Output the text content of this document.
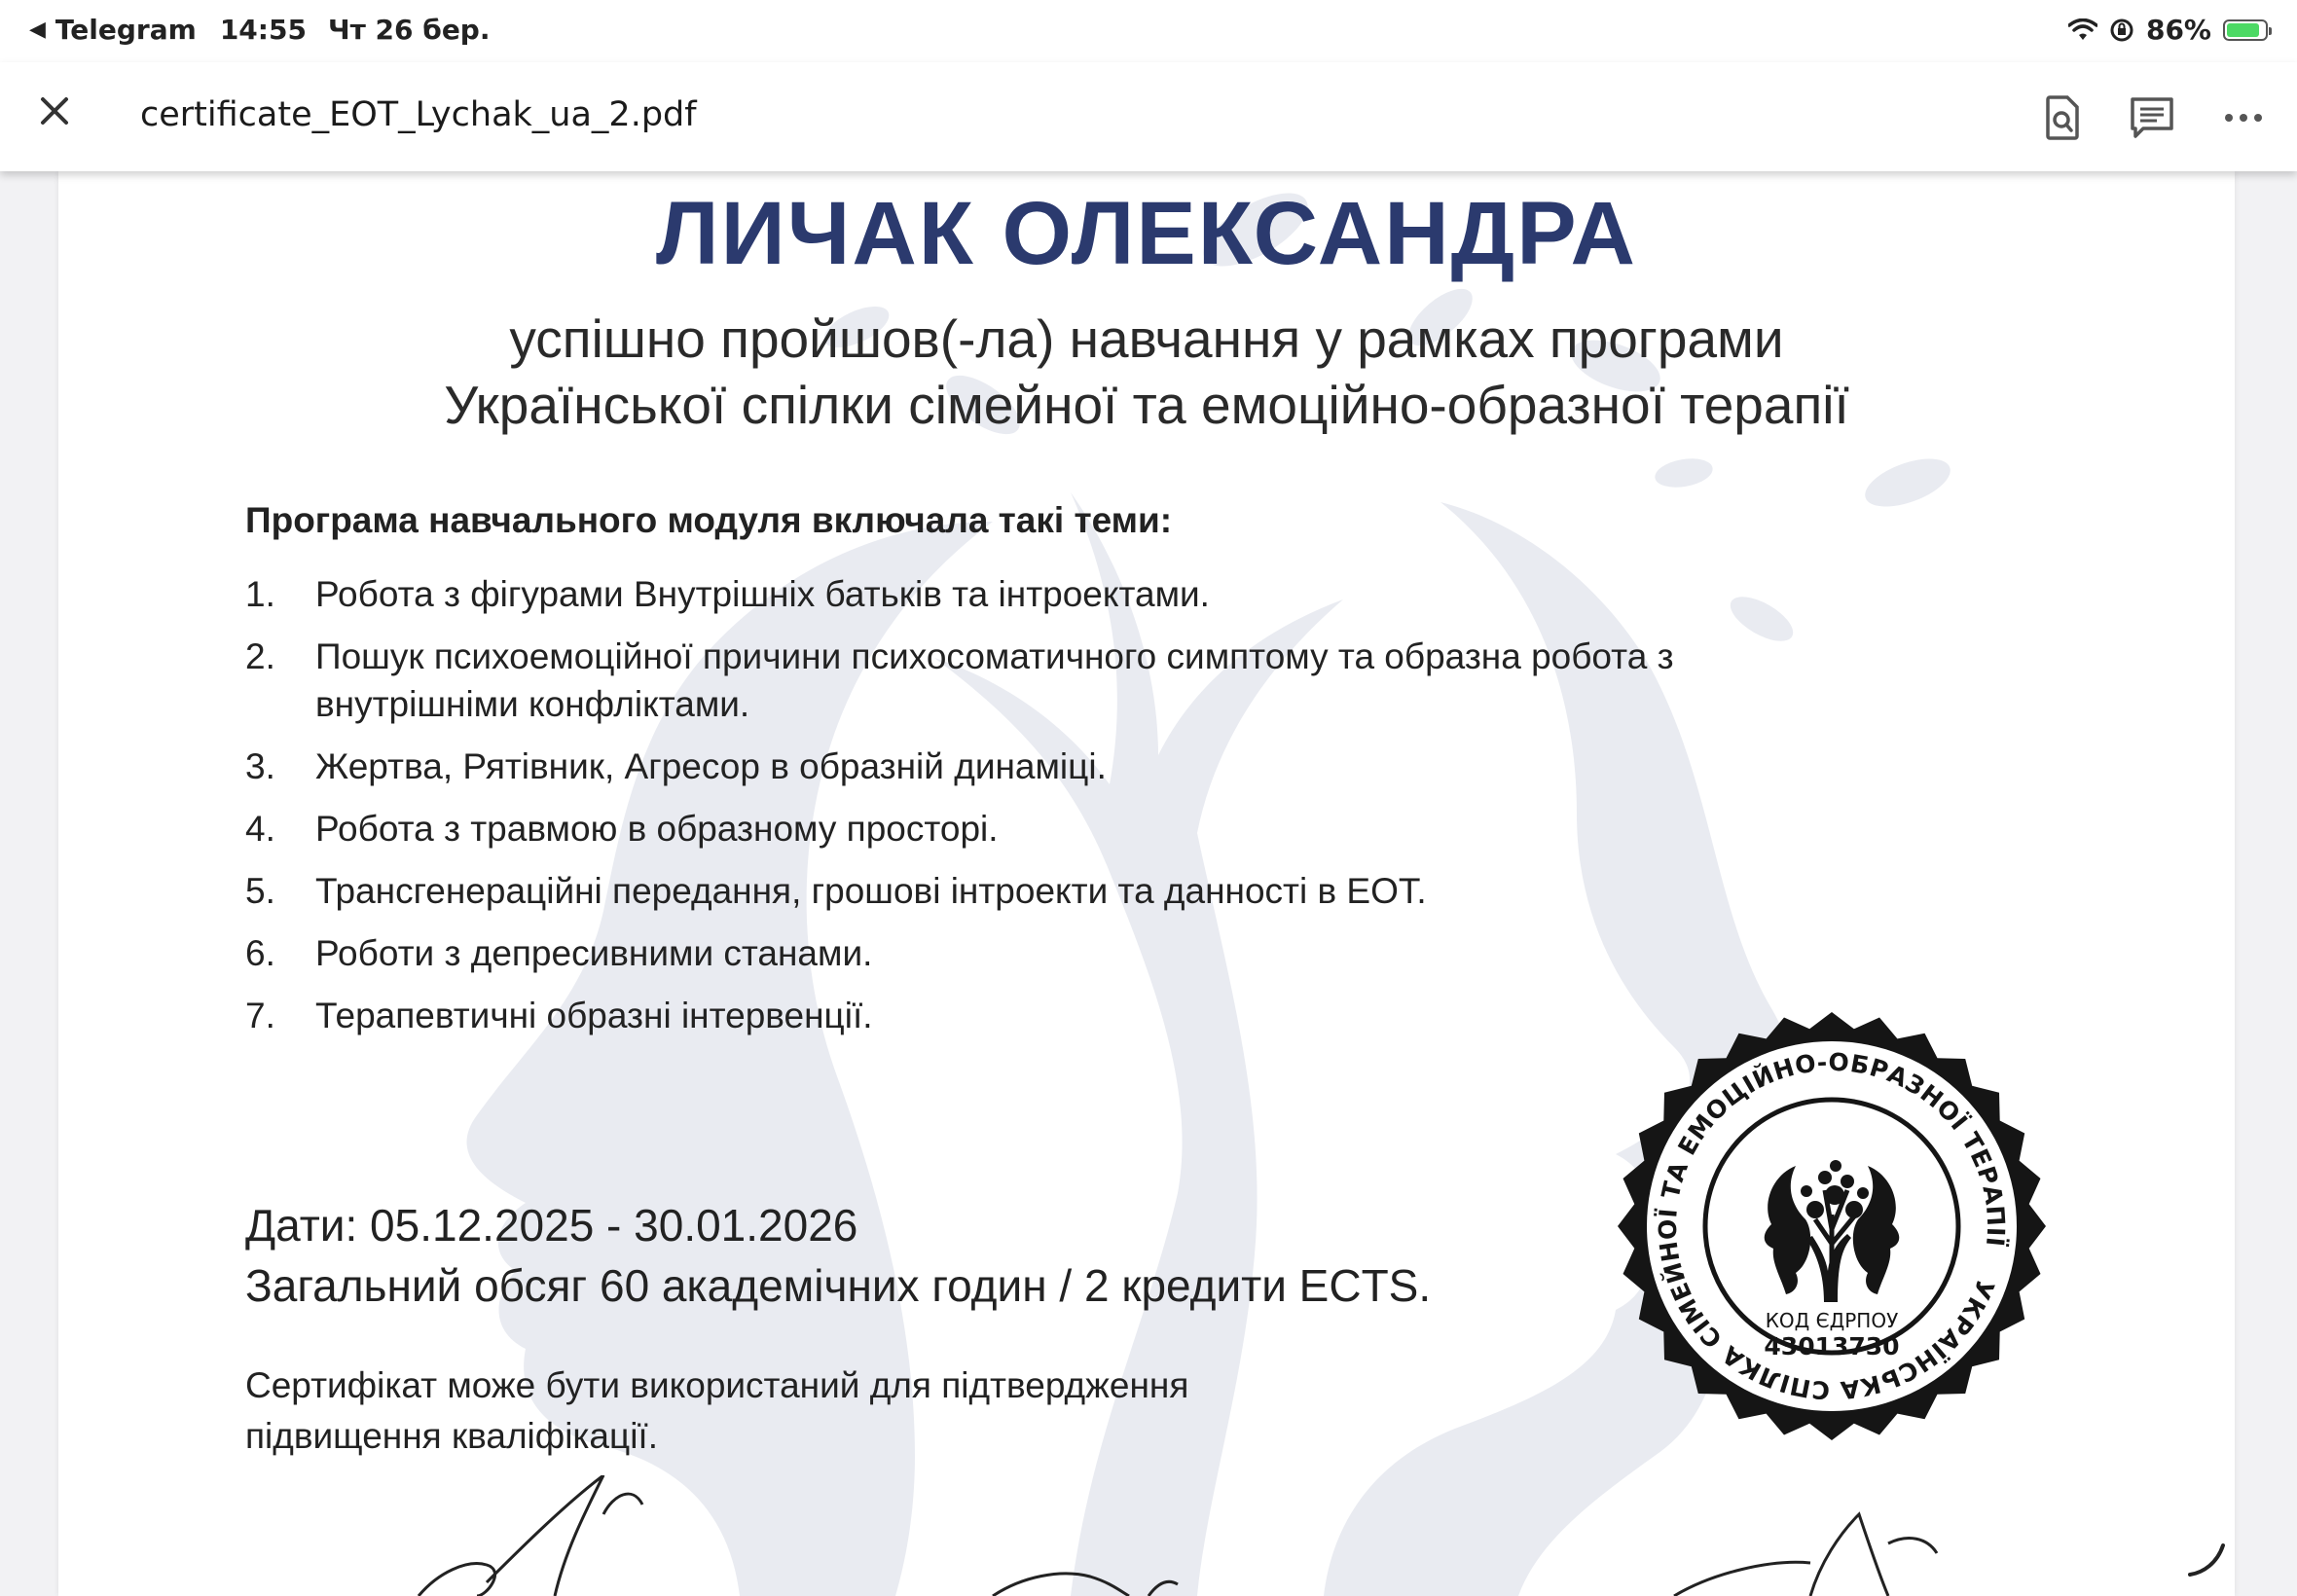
◀ Telegram 14:55 Чт 26 бер.	86%
certificate_EOT_Lychak_ua_2.pdf
ЛИЧАК ОЛЕКСАНДРА
успішно пройшов(-ла) навчання у рамках програми
Української спілки сімейної та емоційно-образної терапії
Програма навчального модуля включала такі теми:
1.	Робота з фігурами Внутрішніх батьків та інтроектами.
2.	Пошук психоемоційної причини психосоматичного симптому та образна робота з внутрішніми конфліктами.
3.	Жертва, Рятівник, Агресор в образній динаміці.
4.	Робота з травмою в образному просторі.
5.	Трансгенераційні передання, грошові інтроекти та данності в ЕОТ.
6.	Роботи з депресивними станами.
7.	Терапевтичні образні інтервенції.
Дати: 05.12.2025 - 30.01.2026
Загальний обсяг 60 академічних годин / 2 кредити ECTS.
Сертифікат може бути використаний для підтвердження
підвищення кваліфікації.
УКРАЇНСЬКА СПІЛКА СІМЕЙНОЇ ТА ЕМОЦІЙНО-ОБРАЗНОЇ ТЕРАПІЇ
КОД ЄДРПОУ
43013730
